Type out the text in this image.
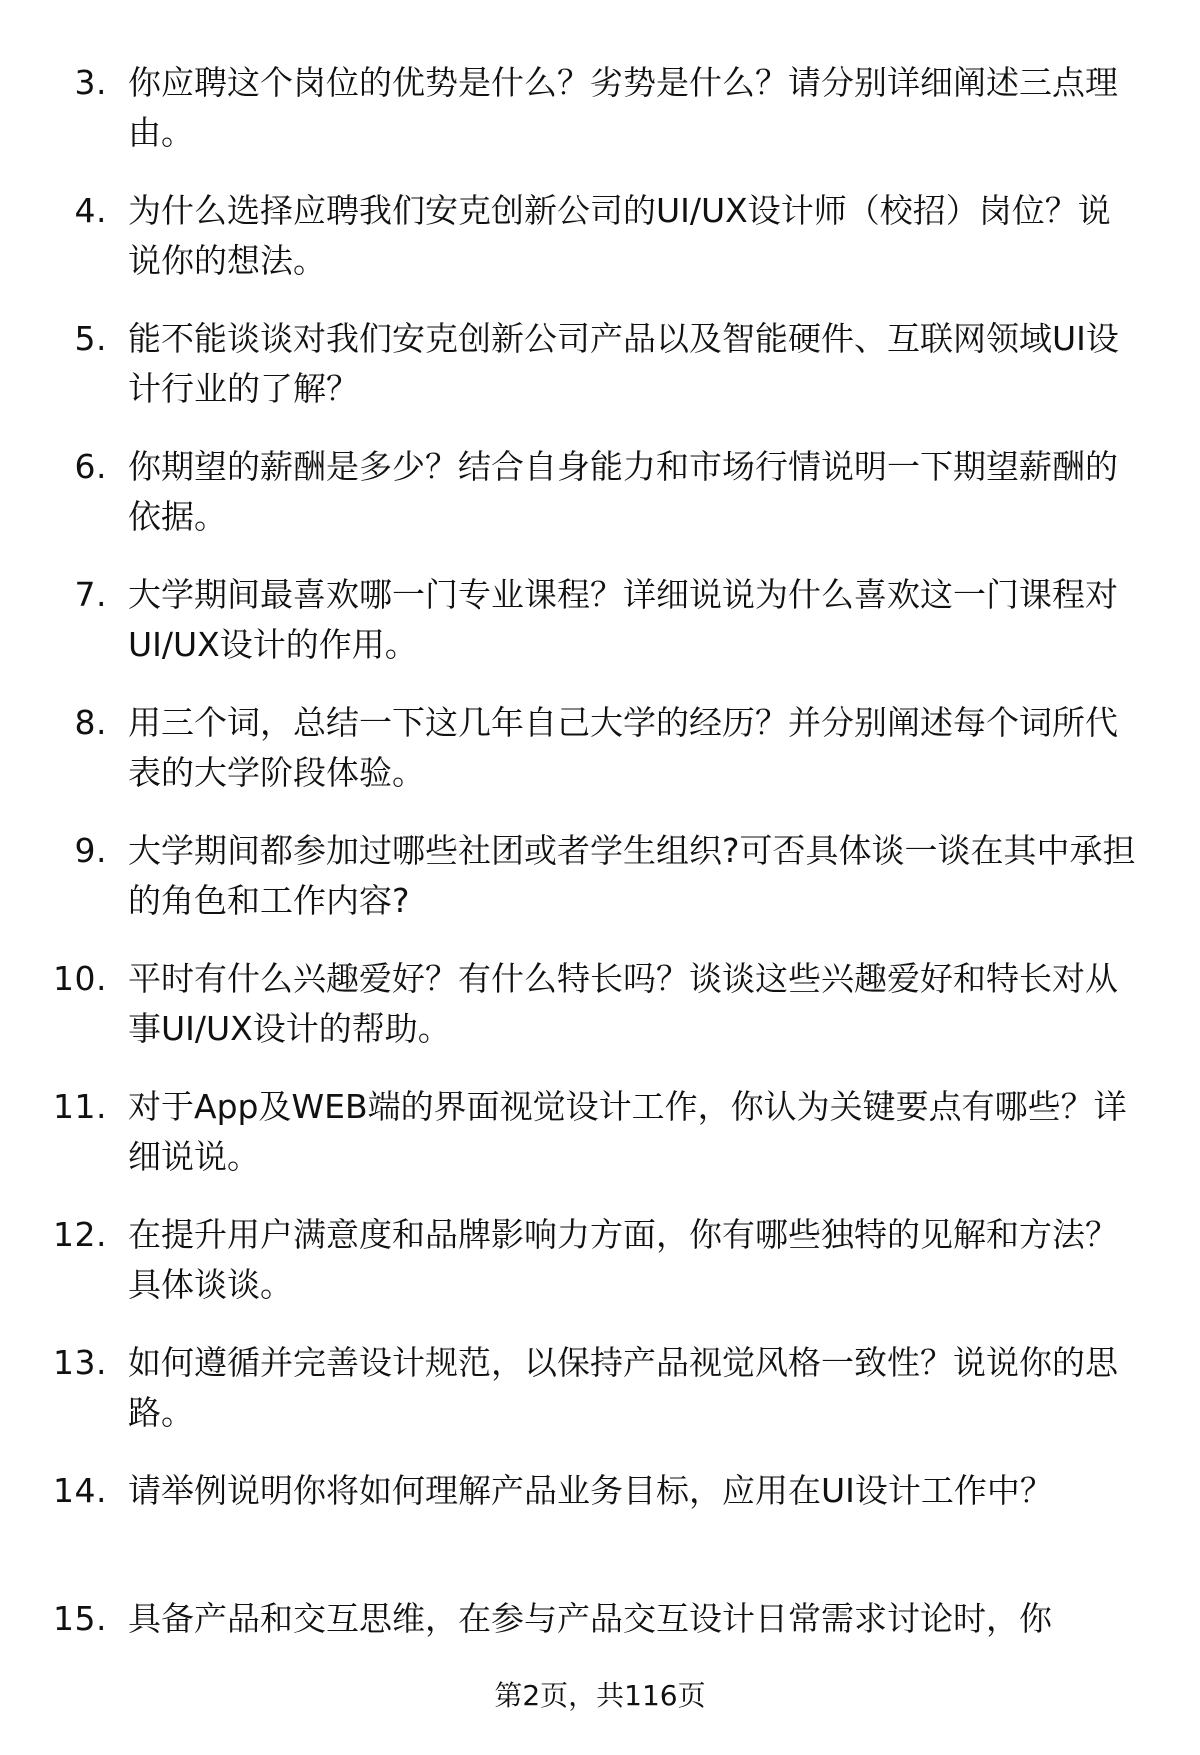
3. 你应聘这个岗位的优势是什么？劣势是什么？请分别详细阐述三点理由。
4. 为什么选择应聘我们安克创新公司的UI/UX设计师（校招）岗位？说说你的想法。
5. 能不能谈谈对我们安克创新公司产品以及智能硬件、互联网领域UI设计行业的了解？
6. 你期望的薪酬是多少？结合自身能力和市场行情说明一下期望薪酬的依据。
7. 大学期间最喜欢哪一门专业课程？详细说说为什么喜欢这一门课程对UI/UX设计的作用。
8. 用三个词，总结一下这几年自己大学的经历？并分别阐述每个词所代表的大学阶段体验。
9. 大学期间都参加过哪些社团或者学生组织?可否具体谈一谈在其中承担的角色和工作内容?
10. 平时有什么兴趣爱好？有什么特长吗？谈谈这些兴趣爱好和特长对从事UI/UX设计的帮助。
11. 对于App及WEB端的界面视觉设计工作，你认为关键要点有哪些？详细说说。
12. 在提升用户满意度和品牌影响力方面，你有哪些独特的见解和方法？具体谈谈。
13. 如何遵循并完善设计规范，以保持产品视觉风格一致性？说说你的思路。
14. 请举例说明你将如何理解产品业务目标，应用在UI设计工作中？
15. 具备产品和交互思维，在参与产品交互设计日常需求讨论时，你
第2页，共116页
